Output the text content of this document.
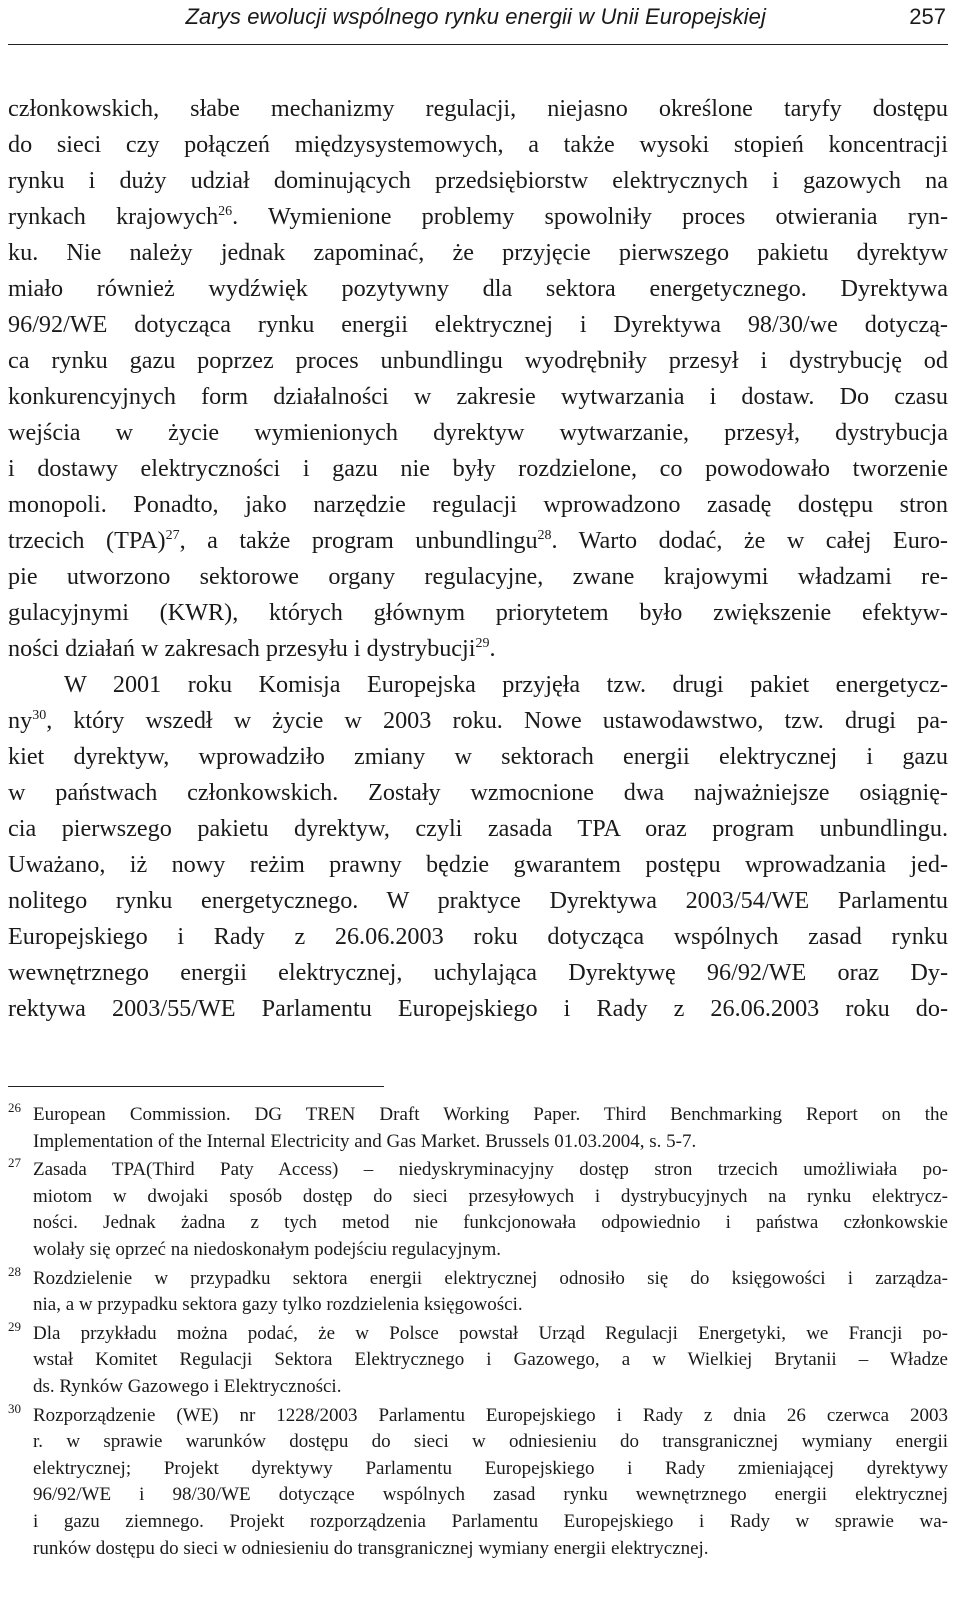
Zarys ewolucji wspólnego rynku energii w Unii Europejskiej	257
członkowskich, słabe mechanizmy regulacji, niejasno określone taryfy dostępu
do sieci czy połączeń międzysystemowych, a także wysoki stopień koncentracji
rynku i duży udział dominujących przedsiębiorstw elektrycznych i gazowych na
rynkach krajowych$^{26}$. Wymienione problemy spowolniły proces otwierania ryn-
ku. Nie należy jednak zapominać, że przyjęcie pierwszego pakietu dyrektyw
miało również wydźwięk pozytywny dla sektora energetycznego. Dyrektywa
96/92/WE dotycząca rynku energii elektrycznej i Dyrektywa 98/30/we dotyczą-
ca rynku gazu poprzez proces unbundlingu wyodrębniły przesył i dystrybucję od
konkurencyjnych form działalności w zakresie wytwarzania i dostaw. Do czasu
wejścia w życie wymienionych dyrektyw wytwarzanie, przesył, dystrybucja
i dostawy elektryczności i gazu nie były rozdzielone, co powodowało tworzenie
monopoli. Ponadto, jako narzędzie regulacji wprowadzono zasadę dostępu stron
trzecich (TPA)$^{27}$, a także program unbundlingu$^{28}$. Warto dodać, że w całej Euro-
pie utworzono sektorowe organy regulacyjne, zwane krajowymi władzami re-
gulacyjnymi (KWR), których głównym priorytetem było zwiększenie efektyw-
ności działań w zakresach przesyłu i dystrybucji$^{29}$.
W 2001 roku Komisja Europejska przyjęła tzw. drugi pakiet energetycz-
$ny^{30}$, który wszedł w życie w 2003 roku. Nowe ustawodawstwo, tzw. drugi pa-
kiet dyrektyw, wprowadziło zmiany w sektorach energii elektrycznej i gazu
w państwach członkowskich. Zostały wzmocnione dwa najważniejsze osiągnię-
cia pierwszego pakietu dyrektyw, czyli zasada TPA oraz program unbundlingu.
Uważano, iż nowy reżim prawny będzie gwarantem postępu wprowadzania jed-
nolitego rynku energetycznego. W praktyce Dyrektywa 2003/54/WE Parlamentu
Europejskiego i Rady z 26.06.2003 roku dotycząca wspólnych zasad rynku
wewnętrznego energii elektrycznej, uchylająca Dyrektywę 96/92/WE oraz Dy-
rektywa 2003/55/WE Parlamentu Europejskiego i Rady z 26.06.2003 roku do-
26 European Commission. DG TREN Draft Working Paper. Third Benchmarking Report on the
Implementation of the Internal Electricity and Gas Market. Brussels 01.03.2004, s. 5-7.
27 Zasada TPA(Third Paty Access) – niedyskryminacyjny dostęp stron trzecich umożliwiała po-
miotom w dwojaki sposób dostęp do sieci przesyłowych i dystrybucyjnych na rynku elektrycz-
ności. Jednak żadna z tych metod nie funkcjonowała odpowiednio i państwa członkowskie
wolały się oprzeć na niedoskonałym podejściu regulacyjnym.
28 Rozdzielenie w przypadku sektora energii elektrycznej odnosiło się do księgowości i zarządza-
nia, a w przypadku sektora gazy tylko rozdzielenia księgowości.
29 Dla przykładu można podać, że w Polsce powstał Urząd Regulacji Energetyki, we Francji po-
wstał Komitet Regulacji Sektora Elektrycznego i Gazowego, a w Wielkiej Brytanii – Władze
ds. Rynków Gazowego i Elektryczności.
30 Rozporządzenie (WE) nr 1228/2003 Parlamentu Europejskiego i Rady z dnia 26 czerwca 2003
r. w sprawie warunków dostępu do sieci w odniesieniu do transgranicznej wymiany energii
elektrycznej; Projekt dyrektywy Parlamentu Europejskiego i Rady zmieniającej dyrektywy
96/92/WE i 98/30/WE dotyczące wspólnych zasad rynku wewnętrznego energii elektrycznej
i gazu ziemnego. Projekt rozporządzenia Parlamentu Europejskiego i Rady w sprawie wa-
runków dostępu do sieci w odniesieniu do transgranicznej wymiany energii elektrycznej.
